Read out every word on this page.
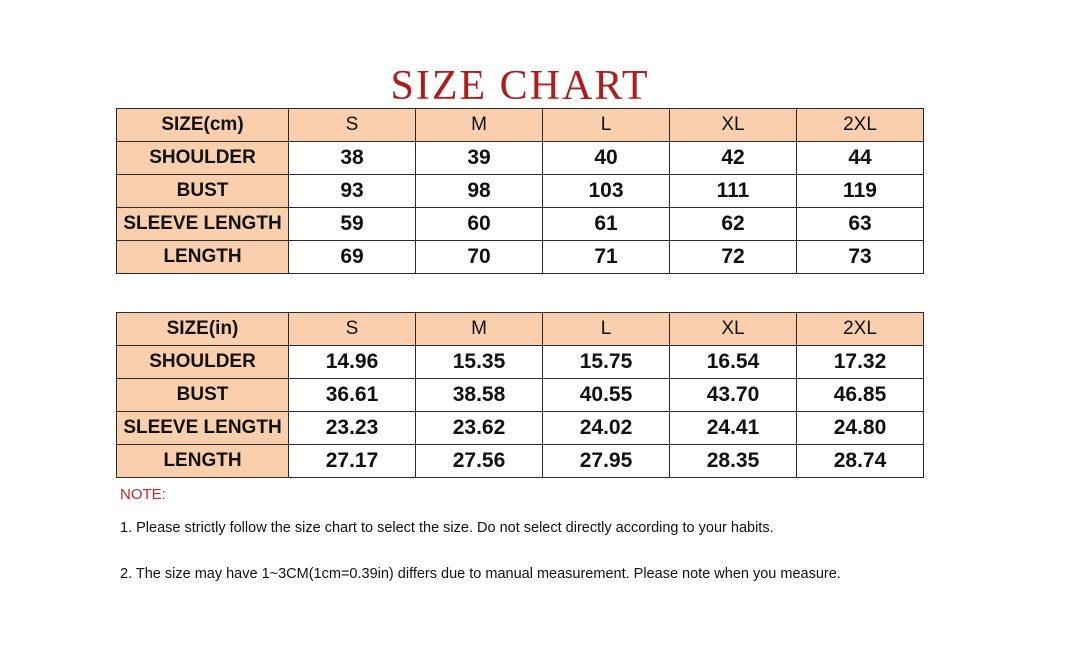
SIZE CHART
SIZE(cm)	S	M	L	XL	2XL
SHOULDER	38	39	40	42	44
BUST	93	98	103	111	119
SLEEVE LENGTH	59	60	61	62	63
LENGTH	69	70	71	72	73
SIZE(in)	S	M	L	XL	2XL
SHOULDER	14.96	15.35	15.75	16.54	17.32
BUST	36.61	38.58	40.55	43.70	46.85
SLEEVE LENGTH	23.23	23.62	24.02	24.41	24.80
LENGTH	27.17	27.56	27.95	28.35	28.74
NOTE:
1. Please strictly follow the size chart to select the size. Do not select directly according to your habits.
2. The size may have 1~3CM(1cm=0.39in) differs due to manual measurement. Please note when you measure.
